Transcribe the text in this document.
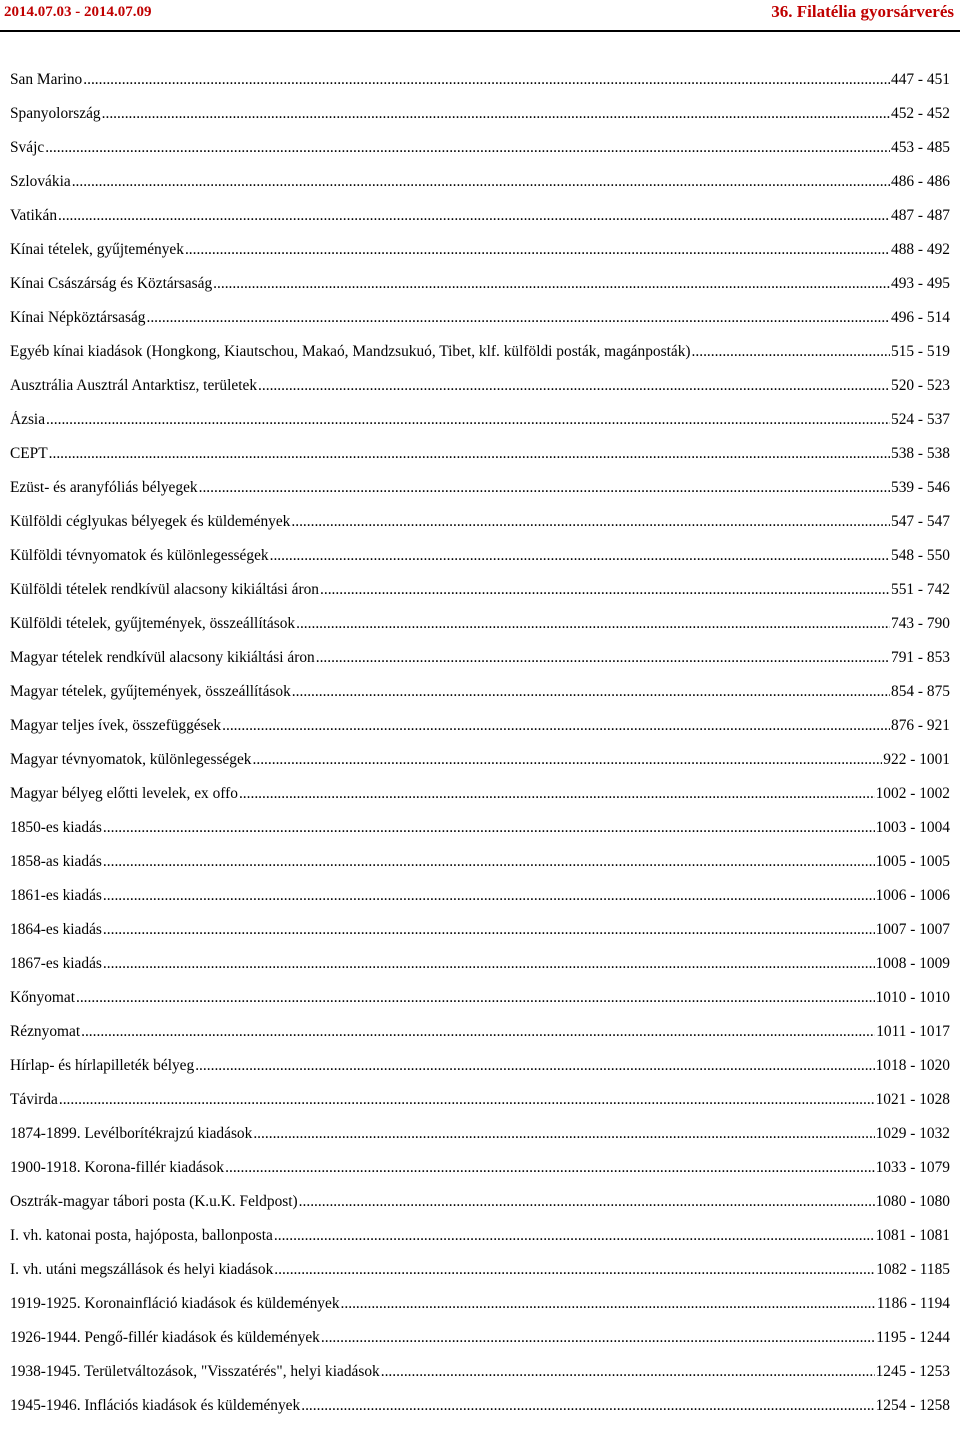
2014.07.03 - 2014.07.09	36. Filatélia gyorsárverés
San Marino .....	447 - 451
Spanyolország .....	452 - 452
Svájc .....	453 - 485
Szlovákia .....	486 - 486
Vatikán .....	487 - 487
Kínai tételek, gyűjtemények .....	488 - 492
Kínai Császárság és Köztársaság .....	493 - 495
Kínai Népköztársaság .....	496 - 514
Egyéb kínai kiadások (Hongkong, Kiautschou, Makaó, Mandzsukuó, Tibet, klf. külföldi posták, magánposták) .....	515 - 519
Ausztrália Ausztrál Antarktisz, területek .....	520 - 523
Ázsia .....	524 - 537
CEPT .....	538 - 538
Ezüst- és aranyfóliás bélyegek .....	539 - 546
Külföldi céglyukas bélyegek és küldemények .....	547 - 547
Külföldi tévnyomatok és különlegességek .....	548 - 550
Külföldi tételek rendkívül alacsony kikiáltási áron .....	551 - 742
Külföldi tételek, gyűjtemények, összeállítások .....	743 - 790
Magyar tételek rendkívül alacsony kikiáltási áron .....	791 - 853
Magyar tételek, gyűjtemények, összeállítások .....	854 - 875
Magyar teljes ívek, összefüggések .....	876 - 921
Magyar tévnyomatok, különlegességek .....	922 - 1001
Magyar bélyeg előtti levelek, ex offo .....	1002 - 1002
1850-es kiadás .....	1003 - 1004
1858-as kiadás .....	1005 - 1005
1861-es kiadás .....	1006 - 1006
1864-es kiadás .....	1007 - 1007
1867-es kiadás .....	1008 - 1009
Kőnyomat .....	1010 - 1010
Réznyomat .....	1011 - 1017
Hírlap- és hírlapilleték bélyeg .....	1018 - 1020
Távirda .....	1021 - 1028
1874-1899. Levélborítékrajzú kiadások .....	1029 - 1032
1900-1918. Korona-fillér kiadások .....	1033 - 1079
Osztrák-magyar tábori posta (K.u.K. Feldpost) .....	1080 - 1080
I. vh. katonai posta, hajóposta, ballonposta .....	1081 - 1081
I. vh. utáni megszállások és helyi kiadások .....	1082 - 1185
1919-1925. Koronainfláció kiadások és küldemények .....	1186 - 1194
1926-1944. Pengő-fillér kiadások és küldemények .....	1195 - 1244
1938-1945. Területváltozások, "Visszatérés", helyi kiadások .....	1245 - 1253
1945-1946. Inflációs kiadások és küldemények .....	1254 - 1258
